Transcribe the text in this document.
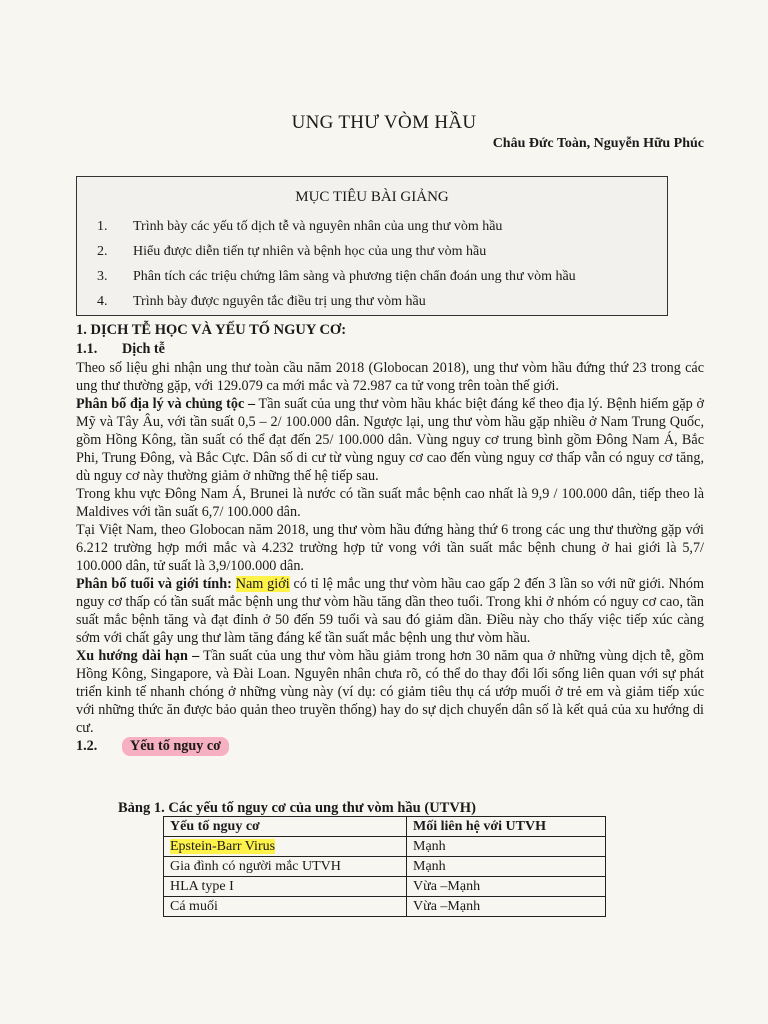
UNG THƯ VÒM HẦU
Châu Đức Toàn, Nguyễn Hữu Phúc
MỤC TIÊU BÀI GIẢNG
1.	Trình bày các yếu tố dịch tễ và nguyên nhân của ung thư vòm hầu
2.	Hiểu được diễn tiến tự nhiên và bệnh học của ung thư vòm hầu
3.	Phân tích các triệu chứng lâm sàng và phương tiện chẩn đoán ung thư vòm hầu
4.	Trình bày được nguyên tắc điều trị ung thư vòm hầu
1. DỊCH TỄ HỌC VÀ YẾU TỐ NGUY CƠ:
1.1.	Dịch tễ

Theo số liệu ghi nhận ung thư toàn cầu năm 2018 (Globocan 2018), ung thư vòm hầu đứng thứ 23 trong các ung thư thường gặp, với 129.079 ca mới mắc và 72.987 ca tử vong trên toàn thế giới.

Phân bố địa lý và chủng tộc – Tần suất của ung thư vòm hầu khác biệt đáng kể theo địa lý. Bệnh hiếm gặp ở Mỹ và Tây Âu, với tần suất 0,5 – 2/ 100.000 dân. Ngược lại, ung thư vòm hầu gặp nhiều ở Nam Trung Quốc, gồm Hồng Kông, tần suất có thể đạt đến 25/ 100.000 dân. Vùng nguy cơ trung bình gồm Đông Nam Á, Bắc Phi, Trung Đông, và Bắc Cực. Dân số di cư từ vùng nguy cơ cao đến vùng nguy cơ thấp vẫn có nguy cơ tăng, dù nguy cơ này thường giảm ở những thế hệ tiếp sau.

Trong khu vực Đông Nam Á, Brunei là nước có tần suất mắc bệnh cao nhất là 9,9 / 100.000 dân, tiếp theo là Maldives với tần suất 6,7/ 100.000 dân.

Tại Việt Nam, theo Globocan năm 2018, ung thư vòm hầu đứng hàng thứ 6 trong các ung thư thường gặp với 6.212 trường hợp mới mắc và 4.232 trường hợp tử vong với tần suất mắc bệnh chung ở hai giới là 5,7/ 100.000 dân, tử suất là 3,9/100.000 dân.

Phân bố tuổi và giới tính: Nam giới có tỉ lệ mắc ung thư vòm hầu cao gấp 2 đến 3 lần so với nữ giới. Nhóm nguy cơ thấp có tần suất mắc bệnh ung thư vòm hầu tăng dần theo tuổi. Trong khi ở nhóm có nguy cơ cao, tần suất mắc bệnh tăng và đạt đỉnh ở 50 đến 59 tuổi và sau đó giảm dần. Điều này cho thấy việc tiếp xúc càng sớm với chất gây ung thư làm tăng đáng kể tần suất mắc bệnh ung thư vòm hầu.

Xu hướng dài hạn – Tần suất của ung thư vòm hầu giảm trong hơn 30 năm qua ở những vùng dịch tễ, gồm Hồng Kông, Singapore, và Đài Loan. Nguyên nhân chưa rõ, có thể do thay đổi lối sống liên quan với sự phát triển kinh tế nhanh chóng ở những vùng này (ví dụ: có giảm tiêu thụ cá ướp muối ở trẻ em và giảm tiếp xúc với những thức ăn được bảo quản theo truyền thống) hay do sự dịch chuyển dân số là kết quả của xu hướng di cư.

1.2.	Yếu tố nguy cơ
Bảng 1. Các yếu tố nguy cơ của ung thư vòm hầu (UTVH)
Yếu tố nguy cơ	Mối liên hệ với UTVH
Epstein-Barr Virus	Mạnh
Gia đình có người mắc UTVH	Mạnh
HLA type I	Vừa –Mạnh
Cá muối	Vừa –Mạnh
